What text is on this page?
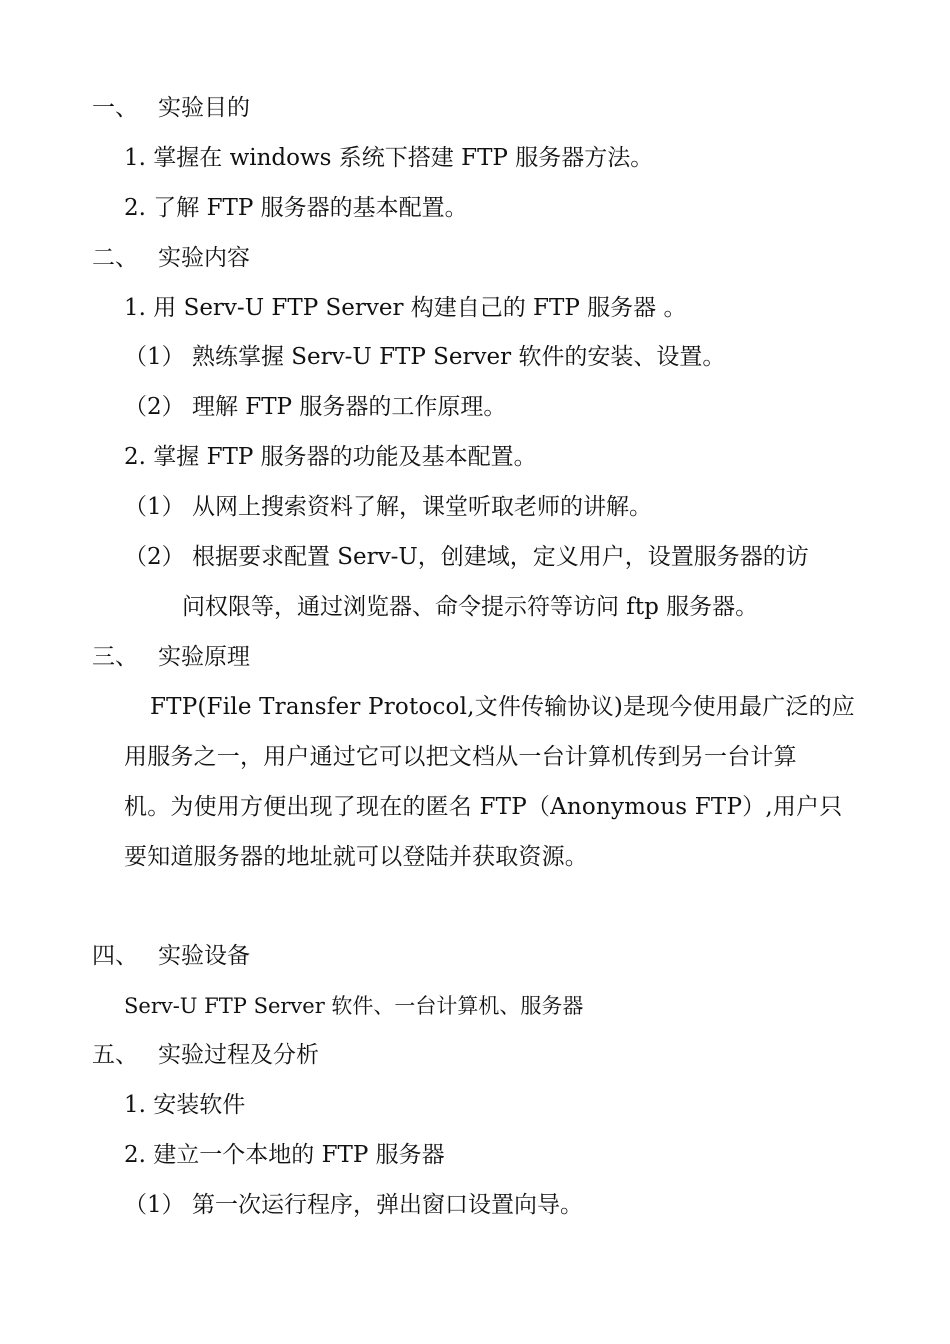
一、 实验目的
1. 掌握在 windows 系统下搭建 FTP 服务器方法。
2. 了解 FTP 服务器的基本配置。
二、 实验内容
1. 用 Serv-U FTP Server 构建自己的 FTP 服务器 。
（1） 熟练掌握 Serv-U FTP Server 软件的安装、设置。
（2） 理解 FTP 服务器的工作原理。
2. 掌握 FTP 服务器的功能及基本配置。
（1） 从网上搜索资料了解，课堂听取老师的讲解。
（2） 根据要求配置 Serv-U，创建域，定义用户，设置服务器的访
问权限等，通过浏览器、命令提示符等访问 ftp 服务器。
三、 实验原理
FTP(File Transfer Protocol,文件传输协议)是现今使用最广泛的应
用服务之一，用户通过它可以把文档从一台计算机传到另一台计算
机。为使用方便出现了现在的匿名 FTP（Anonymous FTP）,用户只
要知道服务器的地址就可以登陆并获取资源。
四、 实验设备
Serv-U FTP Server 软件、一台计算机、服务器
五、 实验过程及分析
1. 安装软件
2. 建立一个本地的 FTP 服务器
（1） 第一次运行程序，弹出窗口设置向导。
